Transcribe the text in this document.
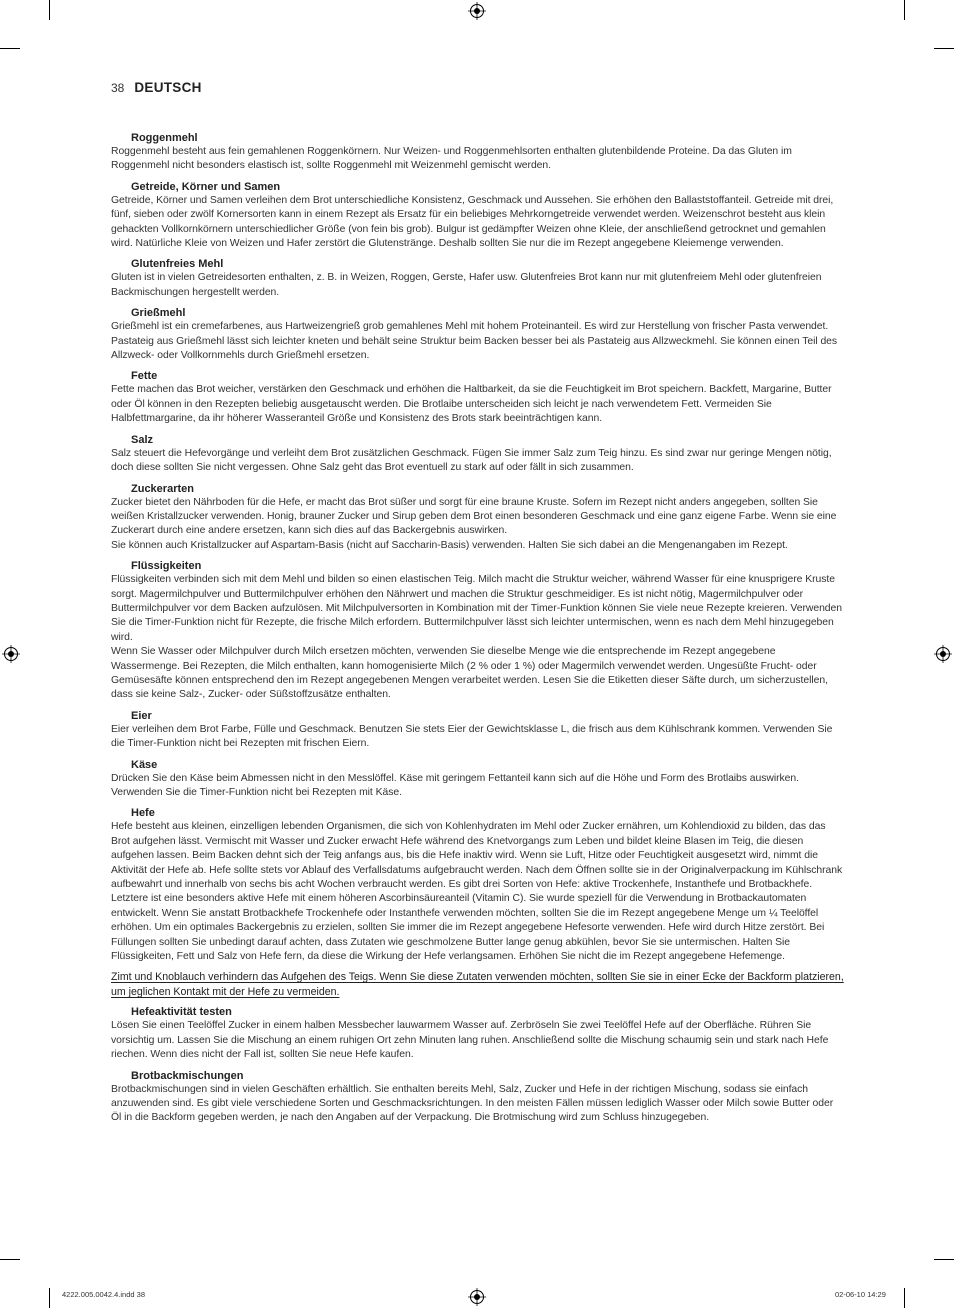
38 DEUTSCH
Roggenmehl
Roggenmehl besteht aus fein gemahlenen Roggenkörnern. Nur Weizen- und Roggenmehlsorten enthalten glutenbildende Proteine. Da das Gluten im Roggenmehl nicht besonders elastisch ist, sollte Roggenmehl mit Weizenmehl gemischt werden.
Getreide, Körner und Samen
Getreide, Körner und Samen verleihen dem Brot unterschiedliche Konsistenz, Geschmack und Aussehen. Sie erhöhen den Ballaststoffanteil. Getreide mit drei, fünf, sieben oder zwölf Kornersorten kann in einem Rezept als Ersatz für ein beliebiges Mehrkorngetreide verwendet werden. Weizenschrot besteht aus klein gehackten Vollkornkörnern unterschiedlicher Größe (von fein bis grob). Bulgur ist gedämpfter Weizen ohne Kleie, der anschließend getrocknet und gemahlen wird. Natürliche Kleie von Weizen und Hafer zerstört die Glutenstränge. Deshalb sollten Sie nur die im Rezept angegebene Kleiemenge verwenden.
Glutenfreies Mehl
Gluten ist in vielen Getreidesorten enthalten, z. B. in Weizen, Roggen, Gerste, Hafer usw. Glutenfreies Brot kann nur mit glutenfreiem Mehl oder glutenfreien Backmischungen hergestellt werden.
Grießmehl
Grießmehl ist ein cremefarbenes, aus Hartweizengrieß grob gemahlenes Mehl mit hohem Proteinanteil. Es wird zur Herstellung von frischer Pasta verwendet. Pastateig aus Grießmehl lässt sich leichter kneten und behält seine Struktur beim Backen besser bei als Pastateig aus Allzweckmehl. Sie können einen Teil des Allzweck- oder Vollkornmehls durch Grießmehl ersetzen.
Fette
Fette machen das Brot weicher, verstärken den Geschmack und erhöhen die Haltbarkeit, da sie die Feuchtigkeit im Brot speichern. Backfett, Margarine, Butter oder Öl können in den Rezepten beliebig ausgetauscht werden. Die Brotlaibe unterscheiden sich leicht je nach verwendetem Fett. Vermeiden Sie Halbfettmargarine, da ihr höherer Wasseranteil Größe und Konsistenz des Brots stark beeinträchtigen kann.
Salz
Salz steuert die Hefevorgänge und verleiht dem Brot zusätzlichen Geschmack. Fügen Sie immer Salz zum Teig hinzu. Es sind zwar nur geringe Mengen nötig, doch diese sollten Sie nicht vergessen. Ohne Salz geht das Brot eventuell zu stark auf oder fällt in sich zusammen.
Zuckerarten
Zucker bietet den Nährboden für die Hefe, er macht das Brot süßer und sorgt für eine braune Kruste. Sofern im Rezept nicht anders angegeben, sollten Sie weißen Kristallzucker verwenden. Honig, brauner Zucker und Sirup geben dem Brot einen besonderen Geschmack und eine ganz eigene Farbe. Wenn sie eine Zuckerart durch eine andere ersetzen, kann sich dies auf das Backergebnis auswirken.
Sie können auch Kristallzucker auf Aspartam-Basis (nicht auf Saccharin-Basis) verwenden. Halten Sie sich dabei an die Mengenangaben im Rezept.
Flüssigkeiten
Flüssigkeiten verbinden sich mit dem Mehl und bilden so einen elastischen Teig. Milch macht die Struktur weicher, während Wasser für eine knusprigere Kruste sorgt. Magermilchpulver und Buttermilchpulver erhöhen den Nährwert und machen die Struktur geschmeidiger. Es ist nicht nötig, Magermilchpulver oder Buttermilchpulver vor dem Backen aufzulösen. Mit Milchpulversorten in Kombination mit der Timer-Funktion können Sie viele neue Rezepte kreieren. Verwenden Sie die Timer-Funktion nicht für Rezepte, die frische Milch erfordern. Buttermilchpulver lässt sich leichter untermischen, wenn es nach dem Mehl hinzugegeben wird.
Wenn Sie Wasser oder Milchpulver durch Milch ersetzen möchten, verwenden Sie dieselbe Menge wie die entsprechende im Rezept angegebene Wassermenge. Bei Rezepten, die Milch enthalten, kann homogenisierte Milch (2 % oder 1 %) oder Magermilch verwendet werden. Ungesüßte Frucht- oder Gemüsesäfte können entsprechend den im Rezept angegebenen Mengen verarbeitet werden. Lesen Sie die Etiketten dieser Säfte durch, um sicherzustellen, dass sie keine Salz-, Zucker- oder Süßstoffzusätze enthalten.
Eier
Eier verleihen dem Brot Farbe, Fülle und Geschmack. Benutzen Sie stets Eier der Gewichtsklasse L, die frisch aus dem Kühlschrank kommen. Verwenden Sie die Timer-Funktion nicht bei Rezepten mit frischen Eiern.
Käse
Drücken Sie den Käse beim Abmessen nicht in den Messlöffel. Käse mit geringem Fettanteil kann sich auf die Höhe und Form des Brotlaibs auswirken. Verwenden Sie die Timer-Funktion nicht bei Rezepten mit Käse.
Hefe
Hefe besteht aus kleinen, einzelligen lebenden Organismen, die sich von Kohlenhydraten im Mehl oder Zucker ernähren, um Kohlendioxid zu bilden, das das Brot aufgehen lässt. Vermischt mit Wasser und Zucker erwacht Hefe während des Knetvorgangs zum Leben und bildet kleine Blasen im Teig, die diesen aufgehen lassen. Beim Backen dehnt sich der Teig anfangs aus, bis die Hefe inaktiv wird. Wenn sie Luft, Hitze oder Feuchtigkeit ausgesetzt wird, nimmt die Aktivität der Hefe ab. Hefe sollte stets vor Ablauf des Verfallsdatums aufgebraucht werden. Nach dem Öffnen sollte sie in der Originalverpackung im Kühlschrank aufbewahrt und innerhalb von sechs bis acht Wochen verbraucht werden. Es gibt drei Sorten von Hefe: aktive Trockenhefe, Instanthefe und Brotbackhefe. Letztere ist eine besonders aktive Hefe mit einem höheren Ascorbinsäureanteil (Vitamin C). Sie wurde speziell für die Verwendung in Brotbackautomaten entwickelt. Wenn Sie anstatt Brotbackhefe Trockenhefe oder Instanthefe verwenden möchten, sollten Sie die im Rezept angegebene Menge um ¼ Teelöffel erhöhen. Um ein optimales Backergebnis zu erzielen, sollten Sie immer die im Rezept angegebene Hefesorte verwenden. Hefe wird durch Hitze zerstört. Bei Füllungen sollten Sie unbedingt darauf achten, dass Zutaten wie geschmolzene Butter lange genug abkühlen, bevor Sie sie untermischen. Halten Sie Flüssigkeiten, Fett und Salz von Hefe fern, da diese die Wirkung der Hefe verlangsamen. Erhöhen Sie nicht die im Rezept angegebene Hefemenge.
Zimt und Knoblauch verhindern das Aufgehen des Teigs. Wenn Sie diese Zutaten verwenden möchten, sollten Sie sie in einer Ecke der Backform platzieren, um jeglichen Kontakt mit der Hefe zu vermeiden.
Hefeaktivität testen
Lösen Sie einen Teelöffel Zucker in einem halben Messbecher lauwarmem Wasser auf. Zerbröseln Sie zwei Teelöffel Hefe auf der Oberfläche. Rühren Sie vorsichtig um. Lassen Sie die Mischung an einem ruhigen Ort zehn Minuten lang ruhen. Anschließend sollte die Mischung schaumig sein und stark nach Hefe riechen. Wenn dies nicht der Fall ist, sollten Sie neue Hefe kaufen.
Brotbackmischungen
Brotbackmischungen sind in vielen Geschäften erhältlich. Sie enthalten bereits Mehl, Salz, Zucker und Hefe in der richtigen Mischung, sodass sie einfach anzuwenden sind. Es gibt viele verschiedene Sorten und Geschmacksrichtungen. In den meisten Fällen müssen lediglich Wasser oder Milch sowie Butter oder Öl in die Backform gegeben werden, je nach den Angaben auf der Verpackung. Die Brotmischung wird zum Schluss hinzugegeben.
4222.005.0042.4.indd 38	02-06-10 14:29
